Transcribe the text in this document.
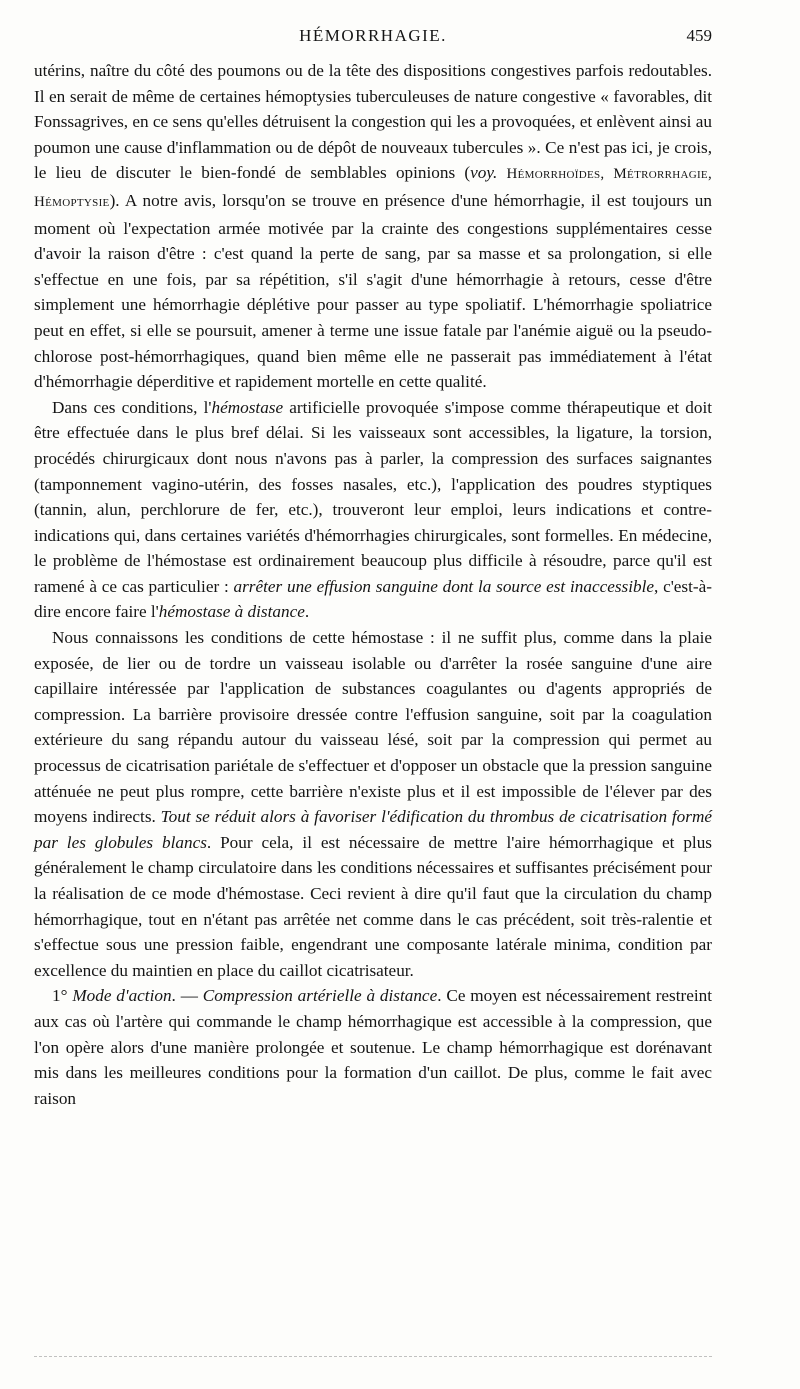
HÉMORRHAGIE.	459

utérins, naître du côté des poumons ou de la tête des dispositions congestives parfois redoutables. Il en serait de même de certaines hémoptysies tuberculeuses de nature congestive « favorables, dit Fonssagrives, en ce sens qu'elles détruisent la congestion qui les a provoquées, et enlèvent ainsi au poumon une cause d'inflammation ou de dépôt de nouveaux tubercules ». Ce n'est pas ici, je crois, le lieu de discuter le bien-fondé de semblables opinions (voy. Hémorrhoïdes, Métrorrhagie, Hémoptysie). A notre avis, lorsqu'on se trouve en présence d'une hémorrhagie, il est toujours un moment où l'expectation armée motivée par la crainte des congestions supplémentaires cesse d'avoir la raison d'être : c'est quand la perte de sang, par sa masse et sa prolongation, si elle s'effectue en une fois, par sa répétition, s'il s'agit d'une hémorrhagie à retours, cesse d'être simplement une hémorrhagie déplétive pour passer au type spoliatif. L'hémorrhagie spoliatrice peut en effet, si elle se poursuit, amener à terme une issue fatale par l'anémie aiguë ou la pseudo-chlorose post-hémorrhagiques, quand bien même elle ne passerait pas immédiatement à l'état d'hémorrhagie déperditive et rapidement mortelle en cette qualité.

Dans ces conditions, l'hémostase artificielle provoquée s'impose comme thérapeutique et doit être effectuée dans le plus bref délai. Si les vaisseaux sont accessibles, la ligature, la torsion, procédés chirurgicaux dont nous n'avons pas à parler, la compression des surfaces saignantes (tamponnement vagino-utérin, des fosses nasales, etc.), l'application des poudres styptiques (tannin, alun, perchlorure de fer, etc.), trouveront leur emploi, leurs indications et contre-indications qui, dans certaines variétés d'hémorrhagies chirurgicales, sont formelles. En médecine, le problème de l'hémostase est ordinairement beaucoup plus difficile à résoudre, parce qu'il est ramené à ce cas particulier : arrêter une effusion sanguine dont la source est inaccessible, c'est-à-dire encore faire l'hémostase à distance.

Nous connaissons les conditions de cette hémostase : il ne suffit plus, comme dans la plaie exposée, de lier ou de tordre un vaisseau isolable ou d'arrêter la rosée sanguine d'une aire capillaire intéressée par l'application de substances coagulantes ou d'agents appropriés de compression. La barrière provisoire dressée contre l'effusion sanguine, soit par la coagulation extérieure du sang répandu autour du vaisseau lésé, soit par la compression qui permet au processus de cicatrisation pariétale de s'effectuer et d'opposer un obstacle que la pression sanguine atténuée ne peut plus rompre, cette barrière n'existe plus et il est impossible de l'élever par des moyens indirects. Tout se réduit alors à favoriser l'édification du thrombus de cicatrisation formé par les globules blancs. Pour cela, il est nécessaire de mettre l'aire hémorrhagique et plus généralement le champ circulatoire dans les conditions nécessaires et suffisantes précisément pour la réalisation de ce mode d'hémostase. Ceci revient à dire qu'il faut que la circulation du champ hémorrhagique, tout en n'étant pas arrêtée net comme dans le cas précédent, soit très-ralentie et s'effectue sous une pression faible, engendrant une composante latérale minima, condition par excellence du maintien en place du caillot cicatrisateur.

1° Mode d'action. — Compression artérielle à distance. Ce moyen est nécessairement restreint aux cas où l'artère qui commande le champ hémorrhagique est accessible à la compression, que l'on opère alors d'une manière prolongée et soutenue. Le champ hémorrhagique est dorénavant mis dans les meilleures conditions pour la formation d'un caillot. De plus, comme le fait avec raison
